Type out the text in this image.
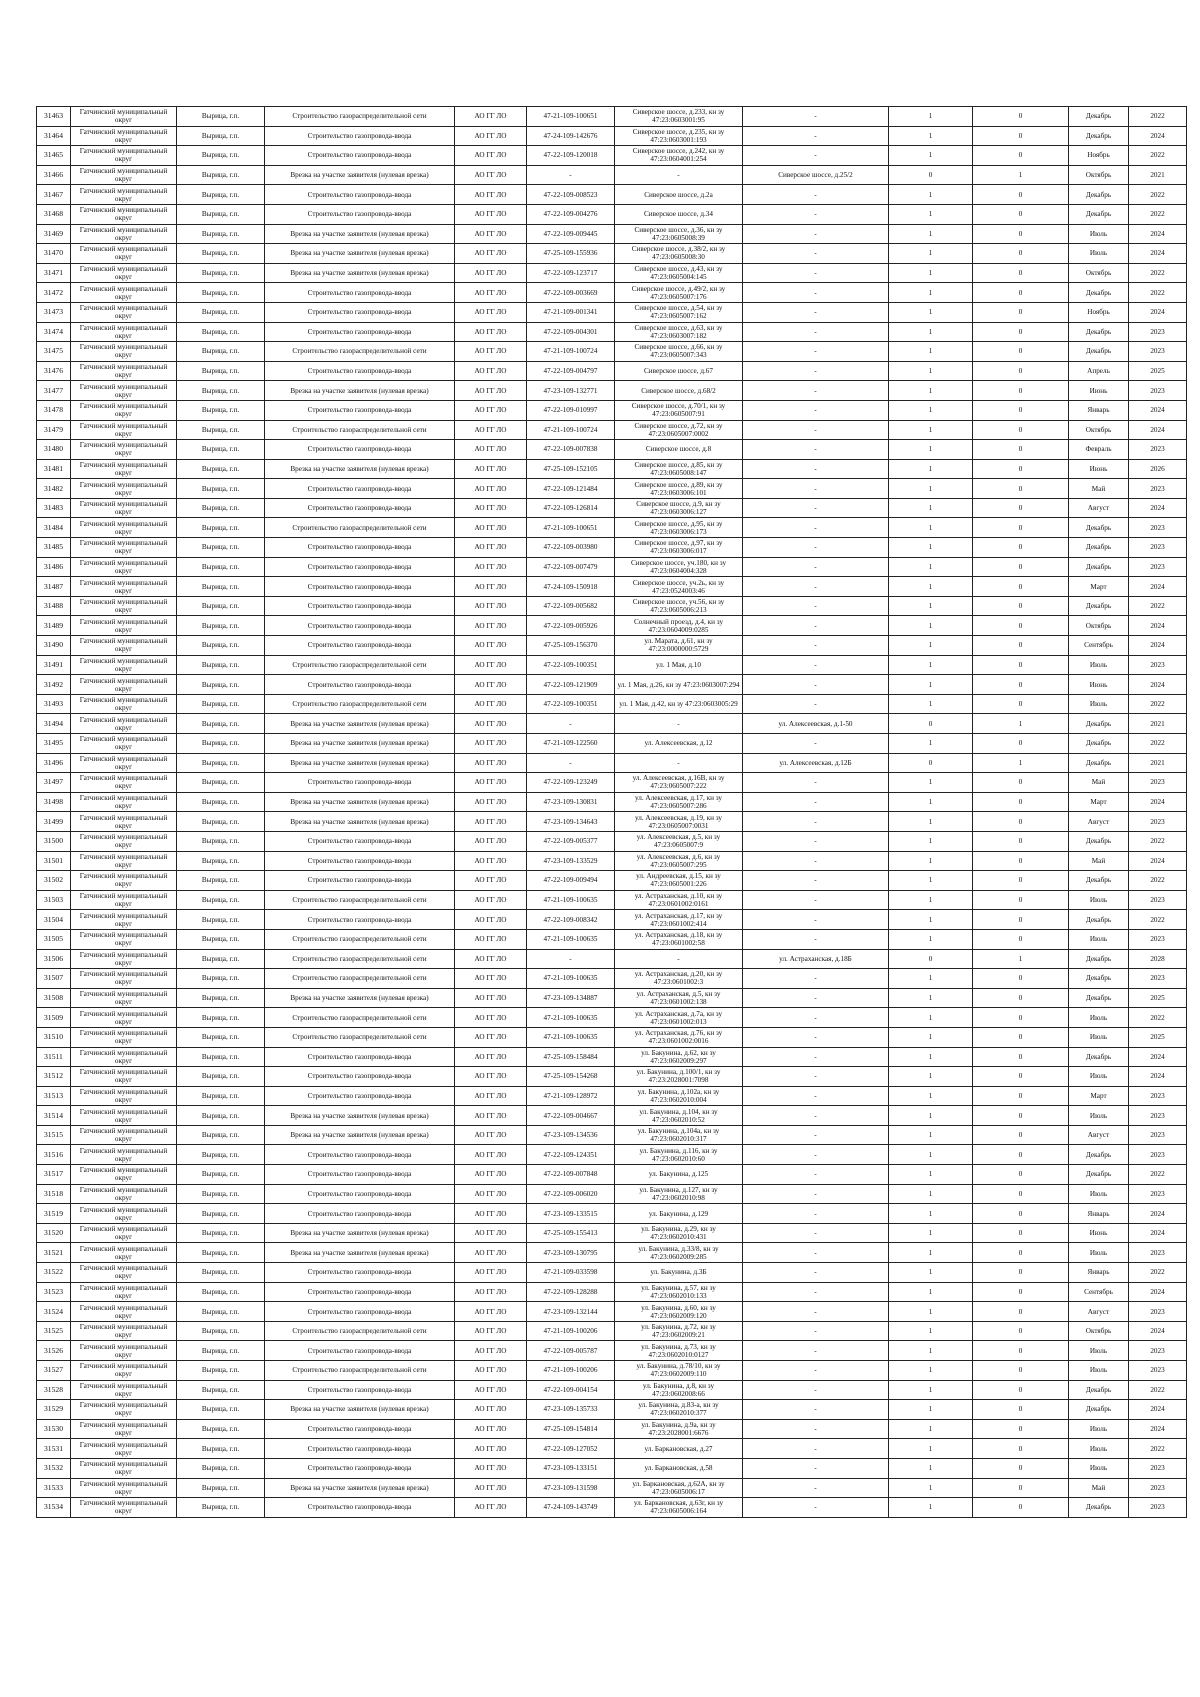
31463	Гатчинский муниципальный округ	Вырица, г.п.	Строительство газораспределительной сети	АО ГГ ЛО	47-21-109-100651	Сиверское шоссе, д.233, кн зу 47:23:0603001:95	-	1	0	Декабрь	2022
31464	Гатчинский муниципальный округ	Вырица, г.п.	Строительство газопровода-ввода	АО ГГ ЛО	47-24-109-142676	Сиверское шоссе, д.235, кн зу 47:23:0603001:193	-	1	0	Декабрь	2024
31465	Гатчинский муниципальный округ	Вырица, г.п.	Строительство газопровода-ввода	АО ГГ ЛО	47-22-109-120018	Сиверское шоссе, д.242, кн зу 47:23:0604001:254	-	1	0	Ноябрь	2022
31466	Гатчинский муниципальный округ	Вырица, г.п.	Врезка на участке заявителя (нулевая врезка)	АО ГГ ЛО	-	-	Сиверское шоссе, д.25/2	0	1	Октябрь	2021
31467	Гатчинский муниципальный округ	Вырица, г.п.	Строительство газопровода-ввода	АО ГГ ЛО	47-22-109-008523	Сиверское шоссе, д.2а	-	1	0	Декабрь	2022
31468	Гатчинский муниципальный округ	Вырица, г.п.	Строительство газопровода-ввода	АО ГГ ЛО	47-22-109-004276	Сиверское шоссе, д.34	-	1	0	Декабрь	2022
31469	Гатчинский муниципальный округ	Вырица, г.п.	Врезка на участке заявителя (нулевая врезка)	АО ГГ ЛО	47-22-109-009445	Сиверское шоссе, д.36, кн зу 47:23:0605008:39	-	1	0	Июль	2024
31470	Гатчинский муниципальный округ	Вырица, г.п.	Врезка на участке заявителя (нулевая врезка)	АО ГГ ЛО	47-25-109-155936	Сиверское шоссе, д.38/2, кн зу 47:23:0605008:30	-	1	0	Июль	2024
31471	Гатчинский муниципальный округ	Вырица, г.п.	Врезка на участке заявителя (нулевая врезка)	АО ГГ ЛО	47-22-109-123717	Сиверское шоссе, д.43, кн зу 47:23:0605004:145	-	1	0	Октябрь	2022
31472	Гатчинский муниципальный округ	Вырица, г.п.	Строительство газопровода-ввода	АО ГГ ЛО	47-22-109-003669	Сиверское шоссе, д.49/2, кн зу 47:23:0605007:176	-	1	0	Декабрь	2022
31473	Гатчинский муниципальный округ	Вырица, г.п.	Строительство газопровода-ввода	АО ГГ ЛО	47-21-109-001341	Сиверское шоссе, д.54, кн зу 47:23:0605007:162	-	1	0	Ноябрь	2024
31474	Гатчинский муниципальный округ	Вырица, г.п.	Строительство газопровода-ввода	АО ГГ ЛО	47-22-109-004301	Сиверское шоссе, д.63, кн зу 47:23:0603007:182	-	1	0	Декабрь	2023
31475	Гатчинский муниципальный округ	Вырица, г.п.	Строительство газораспределительной сети	АО ГГ ЛО	47-21-109-100724	Сиверское шоссе, д.66, кн зу 47:23:0605007:343	-	1	0	Декабрь	2023
31476	Гатчинский муниципальный округ	Вырица, г.п.	Строительство газопровода-ввода	АО ГГ ЛО	47-22-109-004797	Сиверское шоссе, д.67	-	1	0	Апрель	2025
31477	Гатчинский муниципальный округ	Вырица, г.п.	Врезка на участке заявителя (нулевая врезка)	АО ГГ ЛО	47-23-109-132771	Сиверское шоссе, д.68/2	-	1	0	Июнь	2023
31478	Гатчинский муниципальный округ	Вырица, г.п.	Строительство газопровода-ввода	АО ГГ ЛО	47-22-109-010997	Сиверское шоссе, д.70/1, кн зу 47:23:0605007:91	-	1	0	Январь	2024
31479	Гатчинский муниципальный округ	Вырица, г.п.	Строительство газораспределительной сети	АО ГГ ЛО	47-21-109-100724	Сиверское шоссе, д.72, кн зу 47:23:0605007:0002	-	1	0	Октябрь	2024
31480	Гатчинский муниципальный округ	Вырица, г.п.	Строительство газопровода-ввода	АО ГГ ЛО	47-22-109-007838	Сиверское шоссе, д.8	-	1	0	Февраль	2023
31481	Гатчинский муниципальный округ	Вырица, г.п.	Врезка на участке заявителя (нулевая врезка)	АО ГГ ЛО	47-25-109-152105	Сиверское шоссе, д.85, кн зу 47:23:0605008:147	-	1	0	Июнь	2026
31482	Гатчинский муниципальный округ	Вырица, г.п.	Строительство газопровода-ввода	АО ГГ ЛО	47-22-109-121484	Сиверское шоссе, д.89, кн зу 47:23:0603006:101	-	1	0	Май	2023
31483	Гатчинский муниципальный округ	Вырица, г.п.	Строительство газопровода-ввода	АО ГГ ЛО	47-22-109-126814	Сиверское шоссе, д.9, кн зу 47:23:0603006:127	-	1	0	Август	2024
31484	Гатчинский муниципальный округ	Вырица, г.п.	Строительство газораспределительной сети	АО ГГ ЛО	47-21-109-100651	Сиверское шоссе, д.95, кн зу 47:23:0603006:173	-	1	0	Декабрь	2023
31485	Гатчинский муниципальный округ	Вырица, г.п.	Строительство газопровода-ввода	АО ГГ ЛО	47-22-109-003980	Сиверское шоссе, д.97, кн зу 47:23:0603006:017	-	1	0	Декабрь	2023
31486	Гатчинский муниципальный округ	Вырица, г.п.	Строительство газопровода-ввода	АО ГГ ЛО	47-22-109-007479	Сиверское шоссе, уч.180, кн зу 47:23:0604004:328	-	1	0	Декабрь	2023
31487	Гатчинский муниципальный округ	Вырица, г.п.	Строительство газопровода-ввода	АО ГГ ЛО	47-24-109-150918	Сиверское шоссе, уч.2ь, кн зу 47:23:0524003:46	-	1	0	Март	2024
31488	Гатчинский муниципальный округ	Вырица, г.п.	Строительство газопровода-ввода	АО ГГ ЛО	47-22-109-005682	Сиверское шоссе, уч.56, кн зу 47:23:0605006:213	-	1	0	Декабрь	2022
31489	Гатчинский муниципальный округ	Вырица, г.п.	Строительство газопровода-ввода	АО ГГ ЛО	47-22-109-005926	Солнечный проезд, д.4, кн зу 47:23:0604009:0285	-	1	0	Октябрь	2024
31490	Гатчинский муниципальный округ	Вырица, г.п.	Строительство газопровода-ввода	АО ГГ ЛО	47-25-109-156370	ул. Марата, д.61, кн зу 47:23:0000000:5729	-	1	0	Сентябрь	2024
31491	Гатчинский муниципальный округ	Вырица, г.п.	Строительство газораспределительной сети	АО ГГ ЛО	47-22-109-100351	ул. 1 Мая, д.10	-	1	0	Июль	2023
31492	Гатчинский муниципальный округ	Вырица, г.п.	Строительство газопровода-ввода	АО ГГ ЛО	47-22-109-121909	ул. 1 Мая, д.26, кн зу 47:23:0603007:294	-	1	0	Июнь	2024
31493	Гатчинский муниципальный округ	Вырица, г.п.	Строительство газораспределительной сети	АО ГГ ЛО	47-22-109-100351	ул. 1 Мая, д.42, кн зу 47:23:0603005:29	-	1	0	Июль	2022
31494	Гатчинский муниципальный округ	Вырица, г.п.	Врезка на участке заявителя (нулевая врезка)	АО ГГ ЛО	-	-	ул. Алексеевская, д.1-50	0	1	Декабрь	2021
31495	Гатчинский муниципальный округ	Вырица, г.п.	Врезка на участке заявителя (нулевая врезка)	АО ГГ ЛО	47-21-109-122560	ул. Алексеевская, д.12	-	1	0	Декабрь	2022
31496	Гатчинский муниципальный округ	Вырица, г.п.	Врезка на участке заявителя (нулевая врезка)	АО ГГ ЛО	-	-	ул. Алексеевская, д.12Б	0	1	Декабрь	2021
31497	Гатчинский муниципальный округ	Вырица, г.п.	Строительство газопровода-ввода	АО ГГ ЛО	47-22-109-123249	ул. Алексеевская, д.16В, кн зу 47:23:0605007:222	-	1	0	Май	2023
31498	Гатчинский муниципальный округ	Вырица, г.п.	Врезка на участке заявителя (нулевая врезка)	АО ГГ ЛО	47-23-109-130831	ул. Алексеевская, д.17, кн зу 47:23:0605007:286	-	1	0	Март	2024
31499	Гатчинский муниципальный округ	Вырица, г.п.	Врезка на участке заявителя (нулевая врезка)	АО ГГ ЛО	47-23-109-134643	ул. Алексеевская, д.19, кн зу 47:23:0605007:0031	-	1	0	Август	2023
31500	Гатчинский муниципальный округ	Вырица, г.п.	Строительство газопровода-ввода	АО ГГ ЛО	47-22-109-005377	ул. Алексеевская, д.5, кн зу 47:23:0605007:9	-	1	0	Декабрь	2022
31501	Гатчинский муниципальный округ	Вырица, г.п.	Строительство газопровода-ввода	АО ГГ ЛО	47-23-109-133529	ул. Алексеевская, д.6, кн зу 47:23:0605007:295	-	1	0	Май	2024
31502	Гатчинский муниципальный округ	Вырица, г.п.	Строительство газопровода-ввода	АО ГГ ЛО	47-22-109-009494	ул. Андреевская, д.15, кн зу 47:23:0605001:226	-	1	0	Декабрь	2022
31503	Гатчинский муниципальный округ	Вырица, г.п.	Строительство газораспределительной сети	АО ГГ ЛО	47-21-109-100635	ул. Астраханская, д.10, кн зу 47:23:0601002:0161	-	1	0	Июль	2023
31504	Гатчинский муниципальный округ	Вырица, г.п.	Строительство газопровода-ввода	АО ГГ ЛО	47-22-109-008342	ул. Астраханская, д.17, кн зу 47:23:0601002:414	-	1	0	Декабрь	2022
31505	Гатчинский муниципальный округ	Вырица, г.п.	Строительство газораспределительной сети	АО ГГ ЛО	47-21-109-100635	ул. Астраханская, д.18, кн зу 47:23:0601002:58	-	1	0	Июль	2023
31506	Гатчинский муниципальный округ	Вырица, г.п.	Строительство газораспределительной сети	АО ГГ ЛО	-	-	ул. Астраханская, д.18Б	0	1	Декабрь	2028
31507	Гатчинский муниципальный округ	Вырица, г.п.	Строительство газораспределительной сети	АО ГГ ЛО	47-21-109-100635	ул. Астраханская, д.20, кн зу 47:23:0601002:3	-	1	0	Декабрь	2023
31508	Гатчинский муниципальный округ	Вырица, г.п.	Врезка на участке заявителя (нулевая врезка)	АО ГГ ЛО	47-23-109-134887	ул. Астраханская, д.5, кн зу 47:23:0601002:138	-	1	0	Декабрь	2025
31509	Гатчинский муниципальный округ	Вырица, г.п.	Строительство газораспределительной сети	АО ГГ ЛО	47-21-109-100635	ул. Астраханская, д.7а, кн зу 47:23:0601002:013	-	1	0	Июль	2022
31510	Гатчинский муниципальный округ	Вырица, г.п.	Строительство газораспределительной сети	АО ГГ ЛО	47-21-109-100635	ул. Астраханская, д.76, кн зу 47:23:0601002:0016	-	1	0	Июль	2025
31511	Гатчинский муниципальный округ	Вырица, г.п.	Строительство газопровода-ввода	АО ГГ ЛО	47-25-109-158484	ул. Бакунина, д.62, кн зу 47:23:0602009:297	-	1	0	Декабрь	2024
31512	Гатчинский муниципальный округ	Вырица, г.п.	Строительство газопровода-ввода	АО ГГ ЛО	47-25-109-154268	ул. Бакунина, д.100/1, кн зу 47:23:2028001:7098	-	1	0	Июль	2024
31513	Гатчинский муниципальный округ	Вырица, г.п.	Строительство газопровода-ввода	АО ГГ ЛО	47-21-109-128972	ул. Бакунина, д.102а, кн зу 47:23:0602010:004	-	1	0	Март	2023
31514	Гатчинский муниципальный округ	Вырица, г.п.	Врезка на участке заявителя (нулевая врезка)	АО ГГ ЛО	47-22-109-004667	ул. Бакунина, д.104, кн зу 47:23:0602010:52	-	1	0	Июль	2023
31515	Гатчинский муниципальный округ	Вырица, г.п.	Врезка на участке заявителя (нулевая врезка)	АО ГГ ЛО	47-23-109-134536	ул. Бакунина, д.104а, кн зу 47:23:0602010:317	-	1	0	Август	2023
31516	Гатчинский муниципальный округ	Вырица, г.п.	Строительство газопровода-ввода	АО ГГ ЛО	47-22-109-124351	ул. Бакунина, д.116, кн зу 47:23:0602010:60	-	1	0	Декабрь	2023
31517	Гатчинский муниципальный округ	Вырица, г.п.	Строительство газопровода-ввода	АО ГГ ЛО	47-22-109-007848	ул. Бакунина, д.125	-	1	0	Декабрь	2022
31518	Гатчинский муниципальный округ	Вырица, г.п.	Строительство газопровода-ввода	АО ГГ ЛО	47-22-109-006020	ул. Бакунина, д.127, кн зу 47:23:0602010:98	-	1	0	Июль	2023
31519	Гатчинский муниципальный округ	Вырица, г.п.	Строительство газопровода-ввода	АО ГГ ЛО	47-23-109-133515	ул. Бакунина, д.129	-	1	0	Январь	2024
31520	Гатчинский муниципальный округ	Вырица, г.п.	Врезка на участке заявителя (нулевая врезка)	АО ГГ ЛО	47-25-109-155413	ул. Бакунина, д.29, кн зу 47:23:0602010:431	-	1	0	Июнь	2024
31521	Гатчинский муниципальный округ	Вырица, г.п.	Врезка на участке заявителя (нулевая врезка)	АО ГГ ЛО	47-23-109-130795	ул. Бакунина, д.33/8, кн зу 47:23:0602009:285	-	1	0	Июль	2023
31522	Гатчинский муниципальный округ	Вырица, г.п.	Строительство газопровода-ввода	АО ГГ ЛО	47-21-109-033598	ул. Бакунина, д.3Б	-	1	0	Январь	2022
31523	Гатчинский муниципальный округ	Вырица, г.п.	Строительство газопровода-ввода	АО ГГ ЛО	47-22-109-128288	ул. Бакунина, д.57, кн зу 47:23:0602010:133	-	1	0	Сентябрь	2024
31524	Гатчинский муниципальный округ	Вырица, г.п.	Строительство газопровода-ввода	АО ГГ ЛО	47-23-109-132144	ул. Бакунина, д.60, кн зу 47:23:0602009:120	-	1	0	Август	2023
31525	Гатчинский муниципальный округ	Вырица, г.п.	Строительство газораспределительной сети	АО ГГ ЛО	47-21-109-100206	ул. Бакунина, д.72, кн зу 47:23:0602009:21	-	1	0	Октябрь	2024
31526	Гатчинский муниципальный округ	Вырица, г.п.	Строительство газопровода-ввода	АО ГГ ЛО	47-22-109-005787	ул. Бакунина, д.73, кн зу 47:23:0602010:0127	-	1	0	Июль	2023
31527	Гатчинский муниципальный округ	Вырица, г.п.	Строительство газораспределительной сети	АО ГГ ЛО	47-21-109-100206	ул. Бакунина, д.78/10, кн зу 47:23:0602009:110	-	1	0	Июль	2023
31528	Гатчинский муниципальный округ	Вырица, г.п.	Строительство газопровода-ввода	АО ГГ ЛО	47-22-109-004154	ул. Бакунина, д.8, кн зу 47:23:0602008:66	-	1	0	Декабрь	2022
31529	Гатчинский муниципальный округ	Вырица, г.п.	Врезка на участке заявителя (нулевая врезка)	АО ГГ ЛО	47-23-109-135733	ул. Бакунина, д.83-а, кн зу 47:23:0602010:377	-	1	0	Декабрь	2024
31530	Гатчинский муниципальный округ	Вырица, г.п.	Строительство газопровода-ввода	АО ГГ ЛО	47-25-109-154814	ул. Бакунина, д.9а, кн зу 47:23:2028001:6676	-	1	0	Июль	2024
31531	Гатчинский муниципальный округ	Вырица, г.п.	Строительство газопровода-ввода	АО ГГ ЛО	47-22-109-127052	ул. Баркановская, д.27	-	1	0	Июль	2022
31532	Гатчинский муниципальный округ	Вырица, г.п.	Строительство газопровода-ввода	АО ГГ ЛО	47-23-109-133151	ул. Баркановская, д.58	-	1	0	Июль	2023
31533	Гатчинский муниципальный округ	Вырица, г.п.	Врезка на участке заявителя (нулевая врезка)	АО ГГ ЛО	47-23-109-131598	ул. Баркановская, д.62А, кн зу 47:23:0605006:17	-	1	0	Май	2023
31534	Гатчинский муниципальный округ	Вырица, г.п.	Строительство газопровода-ввода	АО ГГ ЛО	47-24-109-143749	ул. Баркановская, д.63г, кн зу 47:23:0605006:164	-	1	0	Декабрь	2023
